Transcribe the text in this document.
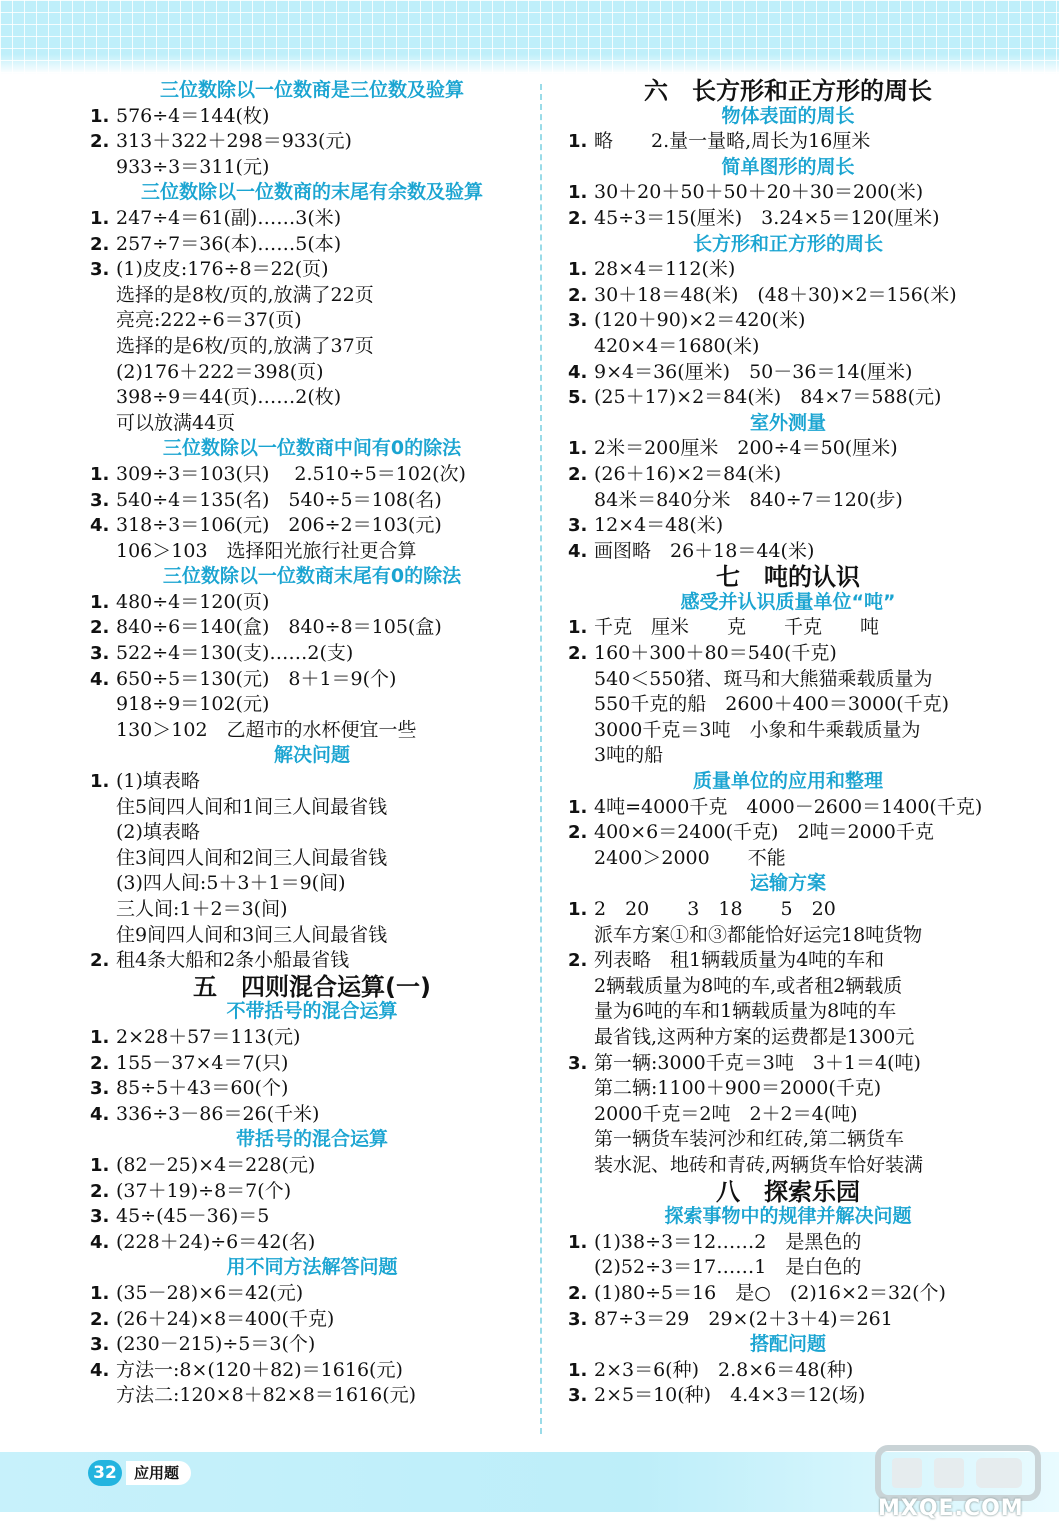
三位数除以一位数商是三位数及验算
1. 576÷4＝144(枚)
2. 313＋322＋298＝933(元)
933÷3＝311(元)
三位数除以一位数商的末尾有余数及验算
1. 247÷4＝61(副)……3(米)
2. 257÷7＝36(本)……5(本)
3. (1)皮皮:176÷8＝22(页)
选择的是8枚/页的,放满了22页
亮亮:222÷6＝37(页)
选择的是6枚/页的,放满了37页
(2)176＋222＝398(页)
398÷9＝44(页)……2(枚)
可以放满44页
三位数除以一位数商中间有0的除法
1. 309÷3＝103(只)　 2.510÷5＝102(次)
3. 540÷4＝135(名)　540÷5＝108(名)
4. 318÷3＝106(元)　206÷2＝103(元)
106＞103　选择阳光旅行社更合算
三位数除以一位数商末尾有0的除法
1. 480÷4＝120(页)
2. 840÷6＝140(盒)　840÷8＝105(盒)
3. 522÷4＝130(支)……2(支)
4. 650÷5＝130(元)　8＋1＝9(个)
918÷9＝102(元)
130＞102　乙超市的水杯便宜一些
解决问题
1. (1)填表略
住5间四人间和1间三人间最省钱
(2)填表略
住3间四人间和2间三人间最省钱
(3)四人间:5＋3＋1＝9(间)
三人间:1＋2＝3(间)
住9间四人间和3间三人间最省钱
2. 租4条大船和2条小船最省钱
五　四则混合运算(一)
不带括号的混合运算
1. 2×28＋57＝113(元)
2. 155－37×4＝7(只)
3. 85÷5＋43＝60(个)
4. 336÷3－86＝26(千米)
带括号的混合运算
1. (82－25)×4＝228(元)
2. (37＋19)÷8＝7(个)
3. 45÷(45－36)＝5
4. (228＋24)÷6＝42(名)
用不同方法解答问题
1. (35－28)×6＝42(元)
2. (26＋24)×8＝400(千克)
3. (230－215)÷5＝3(个)
4. 方法一:8×(120＋82)＝1616(元)
方法二:120×8＋82×8＝1616(元)
六　长方形和正方形的周长
物体表面的周长
1. 略　　2.量一量略,周长为16厘米
简单图形的周长
1. 30＋20＋50＋50＋20＋30＝200(米)
2. 45÷3＝15(厘米)　3.24×5＝120(厘米)
长方形和正方形的周长
1. 28×4＝112(米)
2. 30＋18＝48(米)　(48＋30)×2＝156(米)
3. (120＋90)×2＝420(米)
420×4＝1680(米)
4. 9×4＝36(厘米)　50－36＝14(厘米)
5. (25＋17)×2＝84(米)　84×7＝588(元)
室外测量
1. 2米＝200厘米　200÷4＝50(厘米)
2. (26＋16)×2＝84(米)
84米＝840分米　840÷7＝120(步)
3. 12×4＝48(米)
4. 画图略　26＋18＝44(米)
七　吨的认识
感受并认识质量单位“吨”
1. 千克　厘米　　克　　千克　　吨
2. 160＋300＋80＝540(千克)
540＜550猪、斑马和大熊猫乘载质量为
550千克的船　2600＋400＝3000(千克)
3000千克＝3吨　小象和牛乘载质量为
3吨的船
质量单位的应用和整理
1. 4吨=4000千克　4000－2600＝1400(千克)
2. 400×6＝2400(千克)　2吨＝2000千克
2400＞2000　　不能
运输方案
1. 2　20　　3　18　　5　20
派车方案①和③都能恰好运完18吨货物
2. 列表略　租1辆载质量为4吨的车和
2辆载质量为8吨的车,或者租2辆载质
量为6吨的车和1辆载质量为8吨的车
最省钱,这两种方案的运费都是1300元
3. 第一辆:3000千克＝3吨　3＋1＝4(吨)
第二辆:1100＋900＝2000(千克)
2000千克＝2吨　2＋2＝4(吨)
第一辆货车装河沙和红砖,第二辆货车
装水泥、地砖和青砖,两辆货车恰好装满
八　探索乐园
探索事物中的规律并解决问题
1. (1)38÷3＝12……2　是黑色的
(2)52÷3＝17……1　是白色的
2. (1)80÷5＝16　是○　(2)16×2＝32(个)
3. 87÷3＝29　29×(2＋3＋4)＝261
搭配问题
1. 2×3＝6(种)　2.8×6＝48(种)
3. 2×5＝10(种)　4.4×3＝12(场)
32	应用题
MXQE.COM
